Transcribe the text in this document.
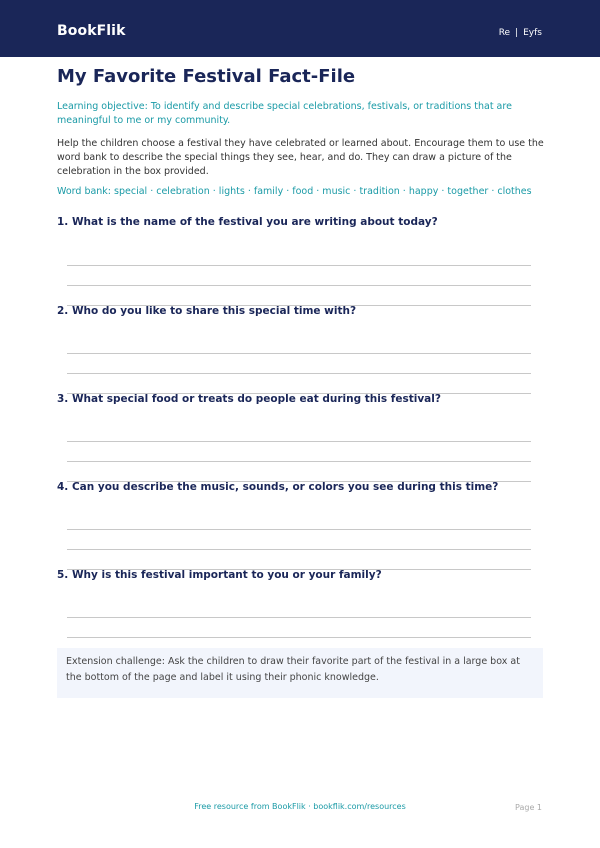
BookFlik	Re | Eyfs
My Favorite Festival Fact-File
Learning objective: To identify and describe special celebrations, festivals, or traditions that are meaningful to me or my community.
Help the children choose a festival they have celebrated or learned about. Encourage them to use the word bank to describe the special things they see, hear, and do. They can draw a picture of the celebration in the box provided.
Word bank: special · celebration · lights · family · food · music · tradition · happy · together · clothes
1. What is the name of the festival you are writing about today?
2. Who do you like to share this special time with?
3. What special food or treats do people eat during this festival?
4. Can you describe the music, sounds, or colors you see during this time?
5. Why is this festival important to you or your family?
Extension challenge: Ask the children to draw their favorite part of the festival in a large box at the bottom of the page and label it using their phonic knowledge.
Free resource from BookFlik · bookflik.com/resources	Page 1
